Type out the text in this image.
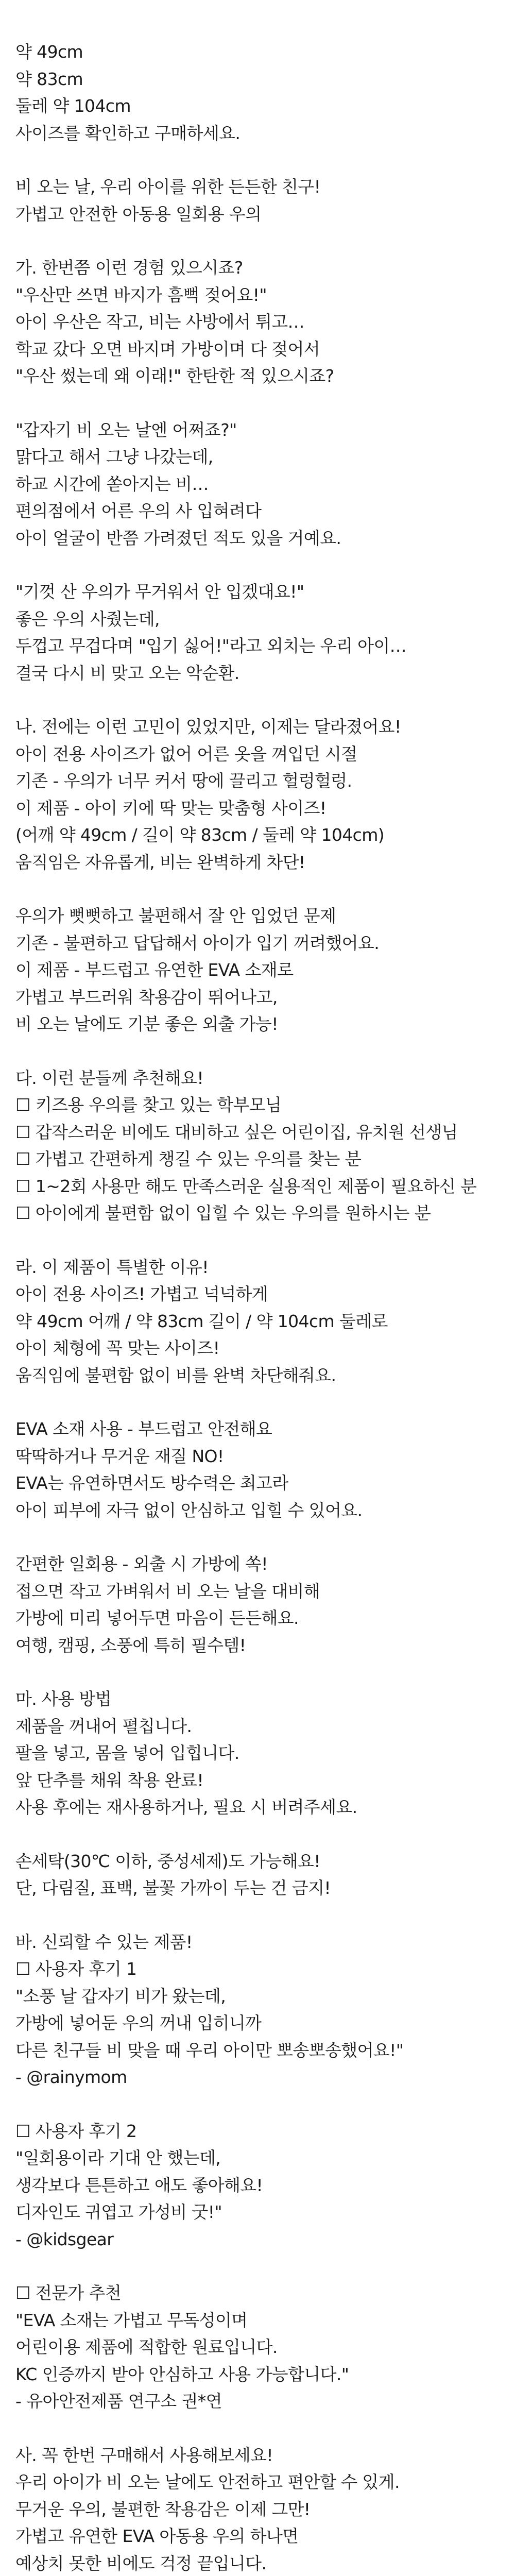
약 49cm

약 83cm

둘레 약 104cm

사이즈를 확인하고 구매하세요.

비 오는 날, 우리 아이를 위한 든든한 친구!

가볍고 안전한 아동용 일회용 우의

가. 한번쯤 이런 경험 있으시죠?

"우산만 쓰면 바지가 흠뻑 젖어요!"

아이 우산은 작고, 비는 사방에서 튀고…

학교 갔다 오면 바지며 가방이며 다 젖어서

"우산 썼는데 왜 이래!" 한탄한 적 있으시죠?

"갑자기 비 오는 날엔 어쩌죠?"

맑다고 해서 그냥 나갔는데,

하교 시간에 쏟아지는 비…

편의점에서 어른 우의 사 입혀려다

아이 얼굴이 반쯤 가려졌던 적도 있을 거예요.

"기껏 산 우의가 무거워서 안 입겠대요!"

좋은 우의 사줬는데,

두껍고 무겁다며 "입기 싫어!"라고 외치는 우리 아이…

결국 다시 비 맞고 오는 악순환.

나. 전에는 이런 고민이 있었지만, 이제는 달라졌어요!

아이 전용 사이즈가 없어 어른 옷을 껴입던 시절

기존 - 우의가 너무 커서 땅에 끌리고 헐렁헐렁.

이 제품 - 아이 키에 딱 맞는 맞춤형 사이즈!

(어깨 약 49cm / 길이 약 83cm / 둘레 약 104cm)

움직임은 자유롭게, 비는 완벽하게 차단!

우의가 뻣뻣하고 불편해서 잘 안 입었던 문제

기존 - 불편하고 답답해서 아이가 입기 꺼려했어요.

이 제품 - 부드럽고 유연한 EVA 소재로

가볍고 부드러워 착용감이 뛰어나고,

비 오는 날에도 기분 좋은 외출 가능!

다. 이런 분들께 추천해요!

☐ 키즈용 우의를 찾고 있는 학부모님

☐ 갑작스러운 비에도 대비하고 싶은 어린이집, 유치원 선생님

☐ 가볍고 간편하게 챙길 수 있는 우의를 찾는 분

☐ 1~2회 사용만 해도 만족스러운 실용적인 제품이 필요하신 분

☐ 아이에게 불편함 없이 입힐 수 있는 우의를 원하시는 분

라. 이 제품이 특별한 이유!

아이 전용 사이즈! 가볍고 넉넉하게

약 49cm 어깨 / 약 83cm 길이 / 약 104cm 둘레로

아이 체형에 꼭 맞는 사이즈!

움직임에 불편함 없이 비를 완벽 차단해줘요.

EVA 소재 사용 - 부드럽고 안전해요

딱딱하거나 무거운 재질 NO!

EVA는 유연하면서도 방수력은 최고라

아이 피부에 자극 없이 안심하고 입힐 수 있어요.

간편한 일회용 - 외출 시 가방에 쏙!

접으면 작고 가벼워서 비 오는 날을 대비해

가방에 미리 넣어두면 마음이 든든해요.

여행, 캠핑, 소풍에 특히 필수템!

마. 사용 방법

제품을 꺼내어 펼칩니다.

팔을 넣고, 몸을 넣어 입힙니다.

앞 단추를 채워 착용 완료!

사용 후에는 재사용하거나, 필요 시 버려주세요.

손세탁(30℃ 이하, 중성세제)도 가능해요!

단, 다림질, 표백, 불꽃 가까이 두는 건 금지!

바. 신뢰할 수 있는 제품!

☐ 사용자 후기 1

"소풍 날 갑자기 비가 왔는데,

가방에 넣어둔 우의 꺼내 입히니까

다른 친구들 비 맞을 때 우리 아이만 뽀송뽀송했어요!"

- @rainymom

☐ 사용자 후기 2

"일회용이라 기대 안 했는데,

생각보다 튼튼하고 애도 좋아해요!

디자인도 귀엽고 가성비 굿!"

- @kidsgear

☐ 전문가 추천

"EVA 소재는 가볍고 무독성이며

어린이용 제품에 적합한 원료입니다.

KC 인증까지 받아 안심하고 사용 가능합니다."

- 유아안전제품 연구소 권*연

사. 꼭 한번 구매해서 사용해보세요!

우리 아이가 비 오는 날에도 안전하고 편안할 수 있게.

무거운 우의, 불편한 착용감은 이제 그만!

가볍고 유연한 EVA 아동용 우의 하나면

예상치 못한 비에도 걱정 끝입니다.
